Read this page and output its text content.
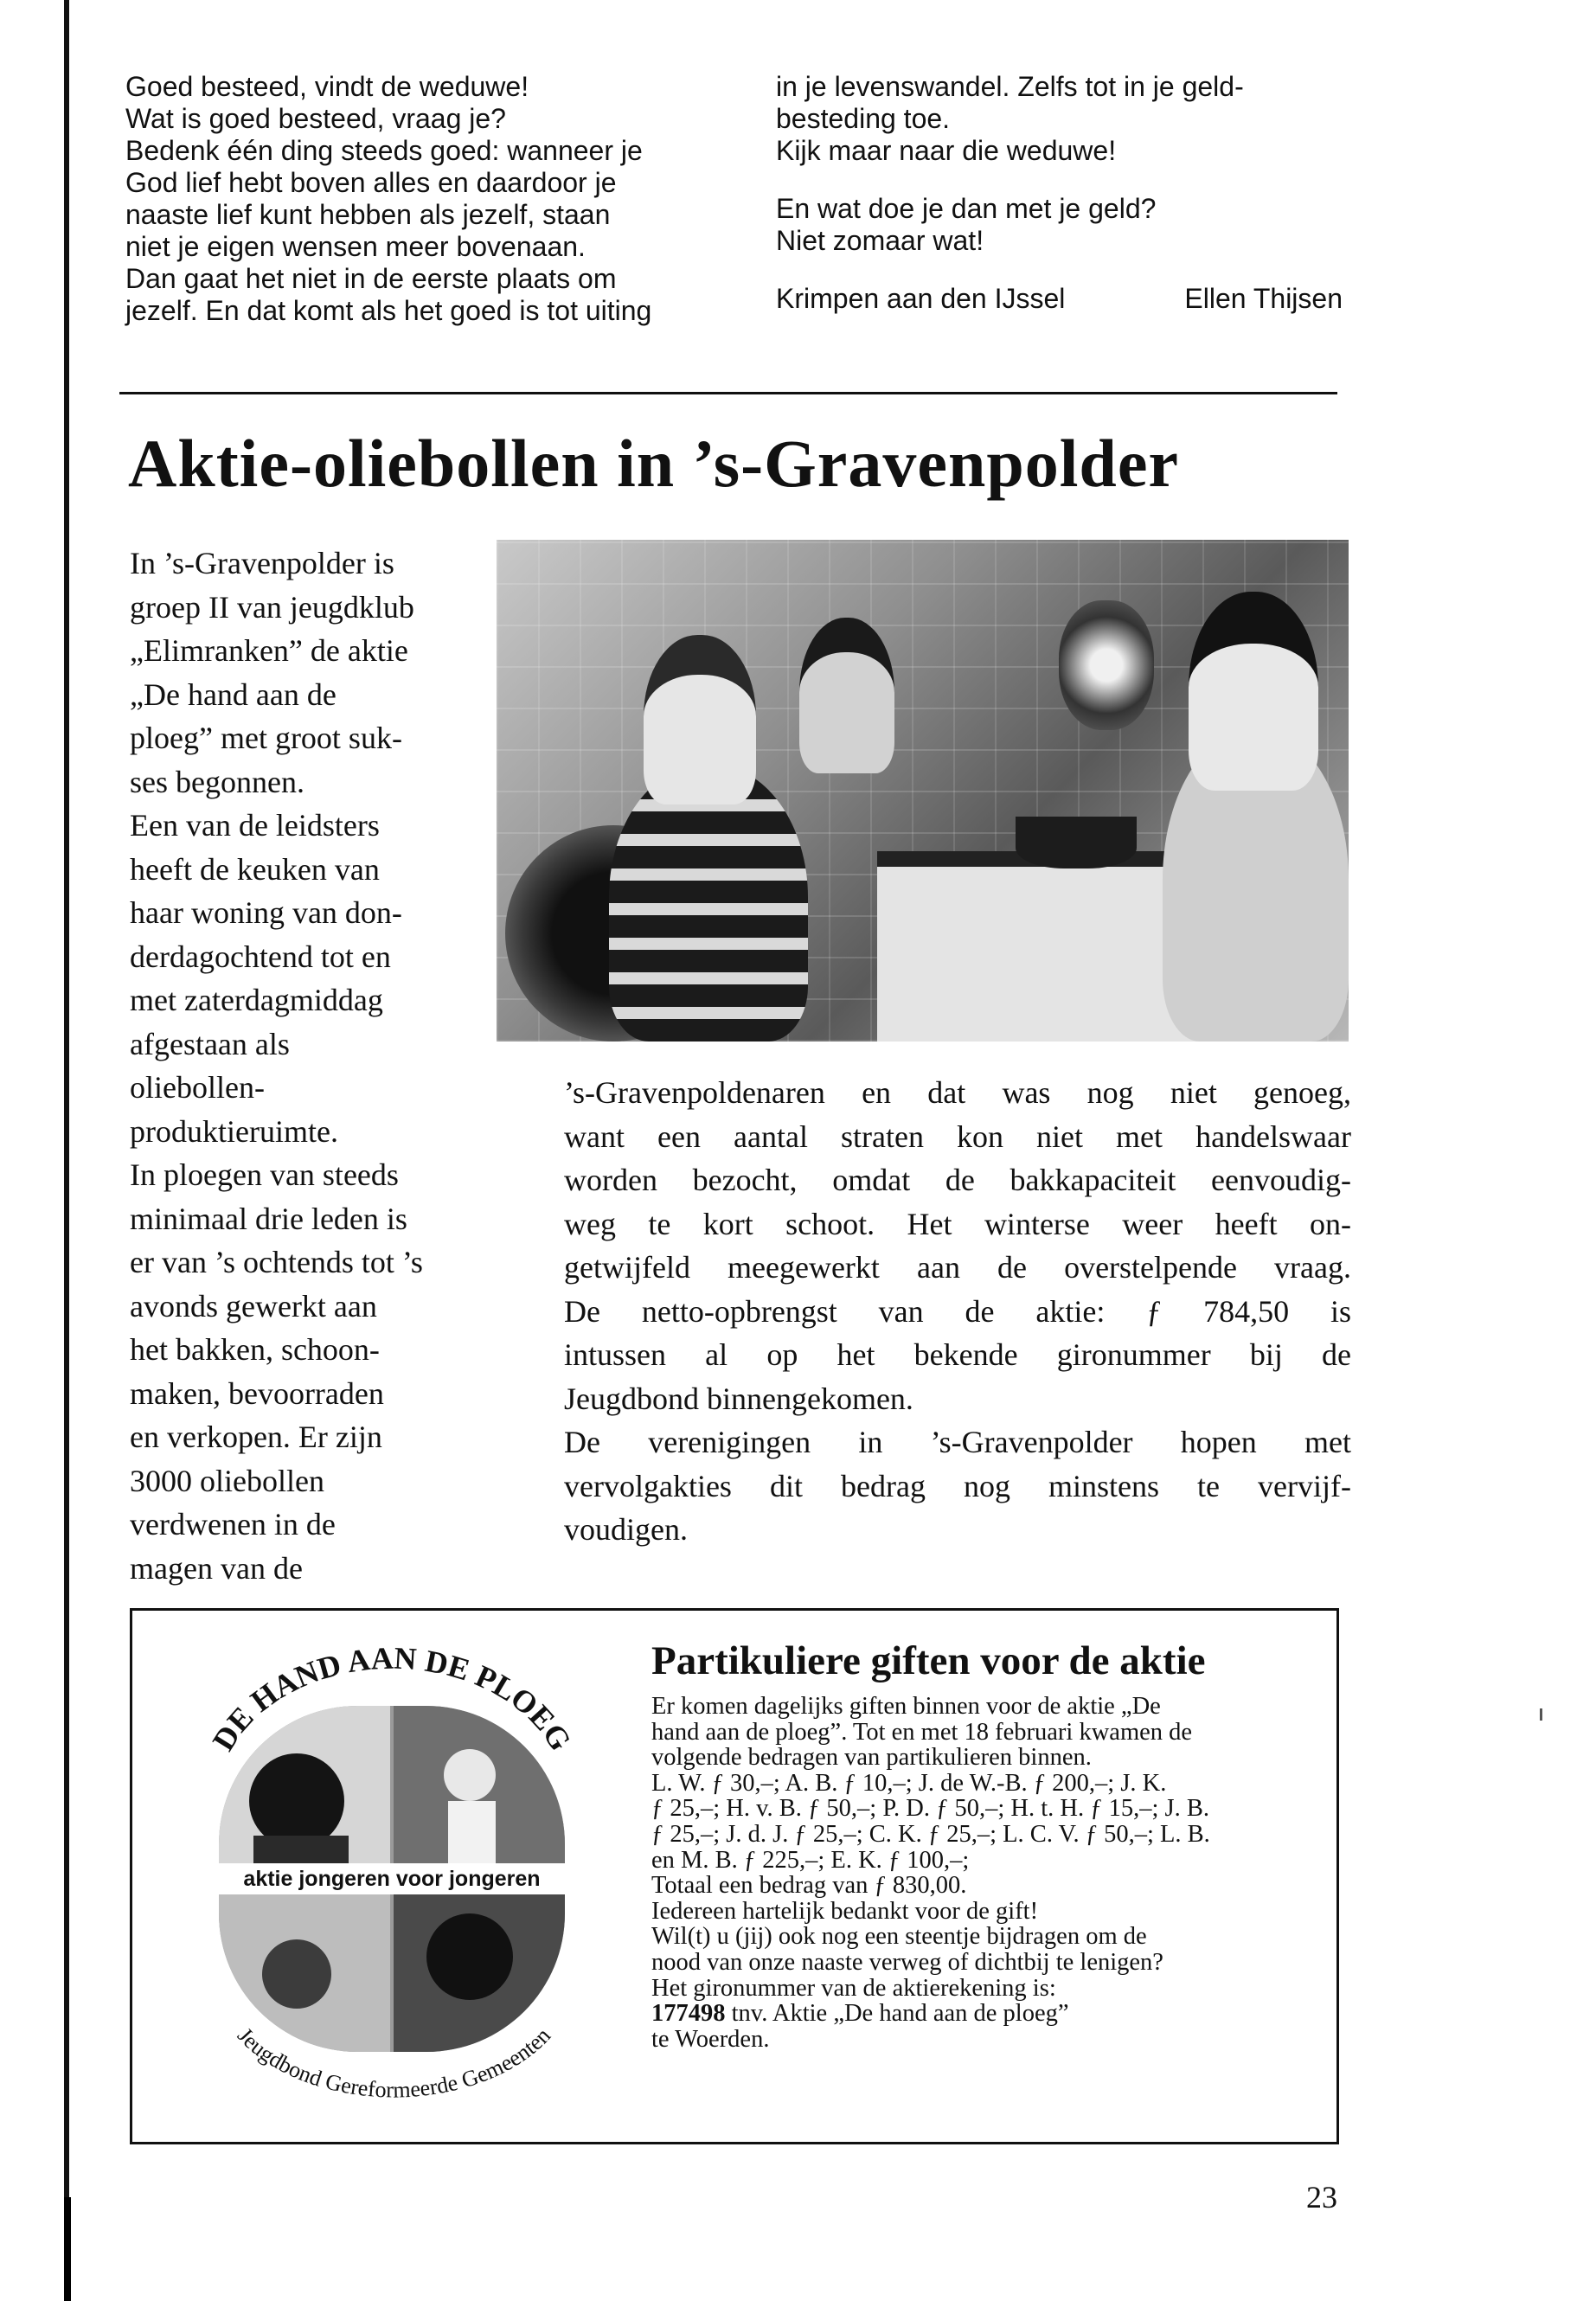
Goed besteed, vindt de weduwe!
Wat is goed besteed, vraag je?
Bedenk één ding steeds goed: wanneer je
God lief hebt boven alles en daardoor je
naaste lief kunt hebben als jezelf, staan
niet je eigen wensen meer bovenaan.
Dan gaat het niet in de eerste plaats om
jezelf. En dat komt als het goed is tot uiting
in je levenswandel. Zelfs tot in je geld-
besteding toe.
Kijk maar naar die weduwe!
En wat doe je dan met je geld?
Niet zomaar wat!
Krimpen aan den IJssel	Ellen Thijsen
Aktie-oliebollen in ’s-Gravenpolder
In ’s-Gravenpolder is
groep II van jeugdklub
„Elimranken” de aktie
„De hand aan de
ploeg” met groot suk-
ses begonnen.
Een van de leidsters
heeft de keuken van
haar woning van don-
derdagochtend tot en
met zaterdagmiddag
afgestaan als
oliebollen-
produktieruimte.
In ploegen van steeds
minimaal drie leden is
er van ’s ochtends tot ’s
avonds gewerkt aan
het bakken, schoon-
maken, bevoorraden
en verkopen. Er zijn
3000 oliebollen
verdwenen in de
magen van de
’s-Gravenpoldenaren en dat was nog niet genoeg,
want een aantal straten kon niet met handelswaar
worden bezocht, omdat de bakkapaciteit eenvoudig-
weg te kort schoot. Het winterse weer heeft on-
getwijfeld meegewerkt aan de overstelpende vraag.
De netto-opbrengst van de aktie: ƒ 784,50 is
intussen al op het bekende gironummer bij de
Jeugdbond binnengekomen.
De verenigingen in ’s-Gravenpolder hopen met
vervolgakties dit bedrag nog minstens te vervijf-
voudigen.
aktie jongeren voor jongeren
DE HAND AAN DE PLOEG
Jeugdbond Gereformeerde Gemeenten
Partikuliere giften voor de aktie
Er komen dagelijks giften binnen voor de aktie „De
hand aan de ploeg”. Tot en met 18 februari kwamen de
volgende bedragen van partikulieren binnen.
L. W. ƒ 30,–; A. B. ƒ 10,–; J. de W.-B. ƒ 200,–; J. K.
ƒ 25,–; H. v. B. ƒ 50,–; P. D. ƒ 50,–; H. t. H. ƒ 15,–; J. B.
ƒ 25,–; J. d. J. ƒ 25,–; C. K. ƒ 25,–; L. C. V. ƒ 50,–; L. B.
en M. B. ƒ 225,–; E. K. ƒ 100,–;
Totaal een bedrag van ƒ 830,00.
Iedereen hartelijk bedankt voor de gift!
Wil(t) u (jij) ook nog een steentje bijdragen om de
nood van onze naaste verweg of dichtbij te lenigen?
Het gironummer van de aktierekening is:
177498 tnv. Aktie „De hand aan de ploeg”
te Woerden.
23
